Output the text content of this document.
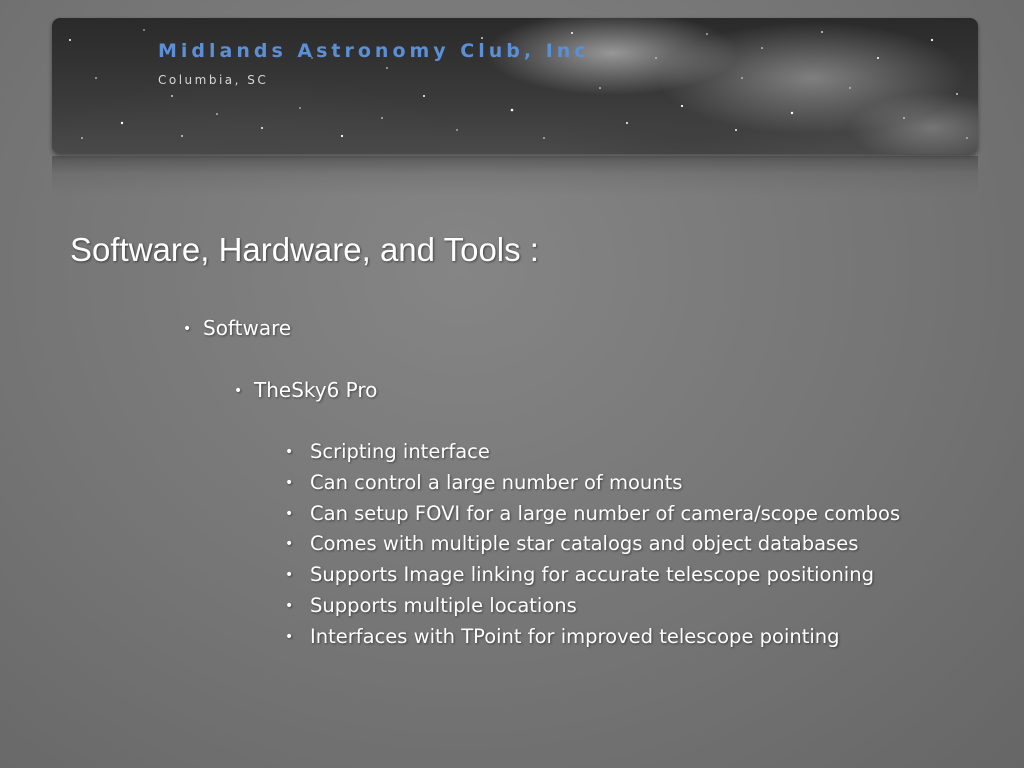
Midlands Astronomy Club, Inc
Columbia, SC
Software, Hardware, and Tools :
• Software
• TheSky6 Pro
• Scripting interface
• Can control a large number of mounts
• Can setup FOVI for a large number of camera/scope combos
• Comes with multiple star catalogs and object databases
• Supports Image linking for accurate telescope positioning
• Supports multiple locations
• Interfaces with TPoint for improved telescope pointing
